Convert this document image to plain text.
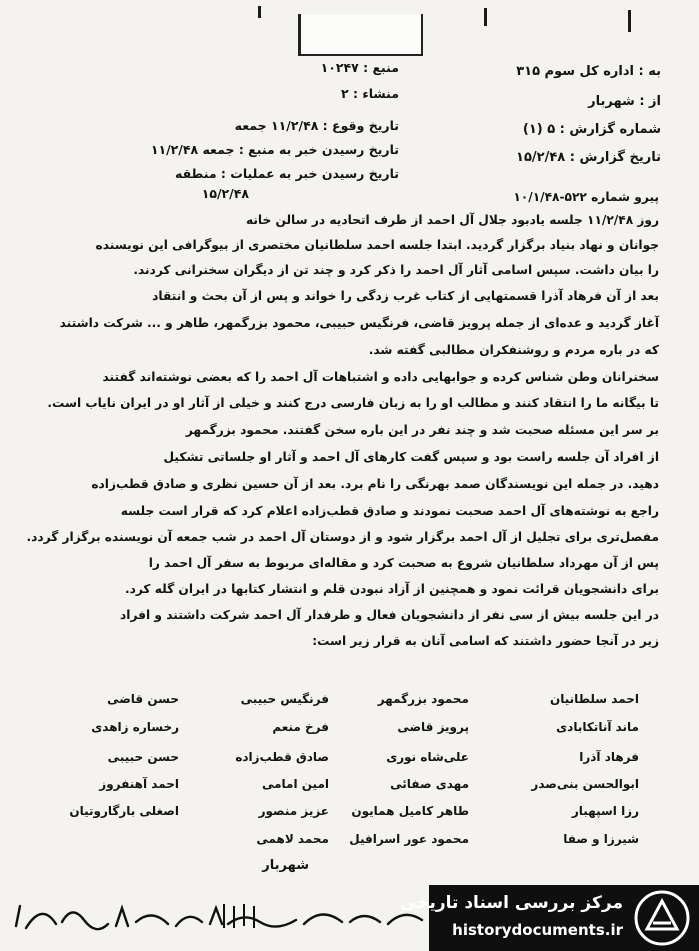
به : اداره کل سوم ۳۱۵
از : شهربار
شماره گزارش : ۵ (۱)
تاریخ گزارش : ۱۵/۲/۴۸
منبع : ۱۰۲۴۷
منشاء : ۲
تاریخ وقوع : ۱۱/۲/۴۸ جمعه
تاریخ رسیدن خبر به منبع : جمعه ۱۱/۲/۴۸
تاریخ رسیدن خبر به عملیات : منطقه
۱۵/۲/۴۸	پیرو شماره ۵۲۲-۱۰/۱/۴۸
روز ۱۱/۲/۴۸ جلسه یادبود جلال آل احمد از طرف اتحادیه در سالن خانه
جوانان و نهاد بنیاد برگزار گردید. ابتدا جلسه احمد سلطانیان مختصری از بیوگرافی این نویسنده
را بیان داشت. سپس اسامی آثار آل احمد را ذکر کرد و چند تن از دیگران سخنرانی کردند.
بعد از آن فرهاد آذرا قسمتهایی از کتاب غرب زدگی را خواند و پس از آن بحث و انتقاد
آغاز گردید و عده‌ای از جمله پرویز قاضی، فرنگیس حبیبی، محمود بزرگمهر، طاهر و ... شرکت داشتند
که در باره مردم و روشنفکران مطالبی گفته شد.
سخنرانان وطن شناس کرده و جوابهایی داده و اشتباهات آل احمد را که بعضی نوشته‌اند گفتند
تا بیگانه ما را انتقاد کنند و مطالب او را به زبان فارسی درج کنند و خیلی از آثار او در ایران نایاب است.
بر سر این مسئله صحبت شد و چند نفر در این باره سخن گفتند. محمود بزرگمهر
از افراد آن جلسه راست بود و سپس گفت کارهای آل احمد و آثار او جلساتی تشکیل
دهید. در جمله این نویسندگان صمد بهرنگی را نام برد. بعد از آن حسین نظری و صادق قطب‌زاده
راجع به نوشته‌های آل احمد صحبت نمودند و صادق قطب‌زاده اعلام کرد که قرار است جلسه
مفصل‌تری برای تجلیل از آل احمد برگزار شود و از دوستان آل احمد در شب جمعه آن نویسنده برگزار گردد.
پس از آن مهرداد سلطانیان شروع به صحبت کرد و مقاله‌ای مربوط به سفر آل احمد را
برای دانشجویان قرائت نمود و همچنین از آزاد نبودن قلم و انتشار کتابها در ایران گله کرد.
در این جلسه بیش از سی نفر از دانشجویان فعال و طرفدار آل احمد شرکت داشتند و افراد
زیر در آنجا حضور داشتند که اسامی آنان به قرار زیر است:
احمد سلطانیان
ماند آناتکابادی
فرهاد آذرا
ابوالحسن بنی‌صدر
رزا اسپهبار
شیرزا و صفا
محمود بزرگمهر
پرویز قاضی
علی‌شاه نوری
مهدی صفائی
طاهر کامیل همایون
محمود عور اسرافیل
فرنگیس حبیبی
فرخ منعم
صادق قطب‌زاده
امین امامی
عزیز منصور
محمد لاهمی
حسن قاضی
رخساره زاهدی
حسن حبیبی
احمد آهنفروز
اصغلی بارگاروتیان
شهربار
مرکز بررسی اسناد تاریخی
historydocuments.ir
